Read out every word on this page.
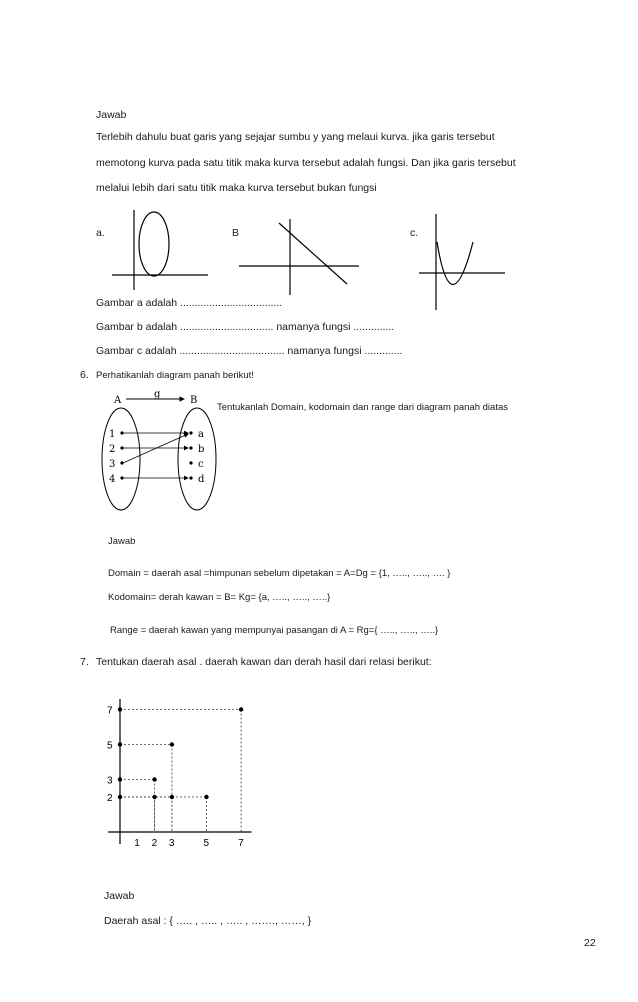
Jawab
Terlebih dahulu buat garis yang sejajar sumbu y yang melaui kurva. jika garis tersebut
memotong kurva pada satu titik maka kurva tersebut adalah fungsi. Dan jika garis tersebut
melalui lebih dari satu titik maka kurva tersebut bukan fungsi
a.	B	c.
Gambar a adalah ...................................
Gambar b adalah ................................ namanya fungsi ..............
Gambar c adalah .................................... namanya fungsi .............
6. Perhatikanlah diagram panah berikut!
A	B
g
1
2
3
4
a
b
c
d
Tentukanlah Domain, kodomain dan range dari diagram panah diatas
Jawab
Domain = daerah asal =himpunan sebelum dipetakan = A=Dg = {1, ….., ….., …. }
Kodomain= derah kawan = B= Kg= {a, ….., ….., …..}
Range = daerah kawan yang mempunyai pasangan di A = Rg={ ….., ….., …..}
7. Tentukan daerah asal . daerah kawan dan derah hasil dari relasi berikut:
1 2 3	5	7
2
3
5
7
Jawab
Daerah asal : { ….. , ….. , ….. , ……., ……, }
22
